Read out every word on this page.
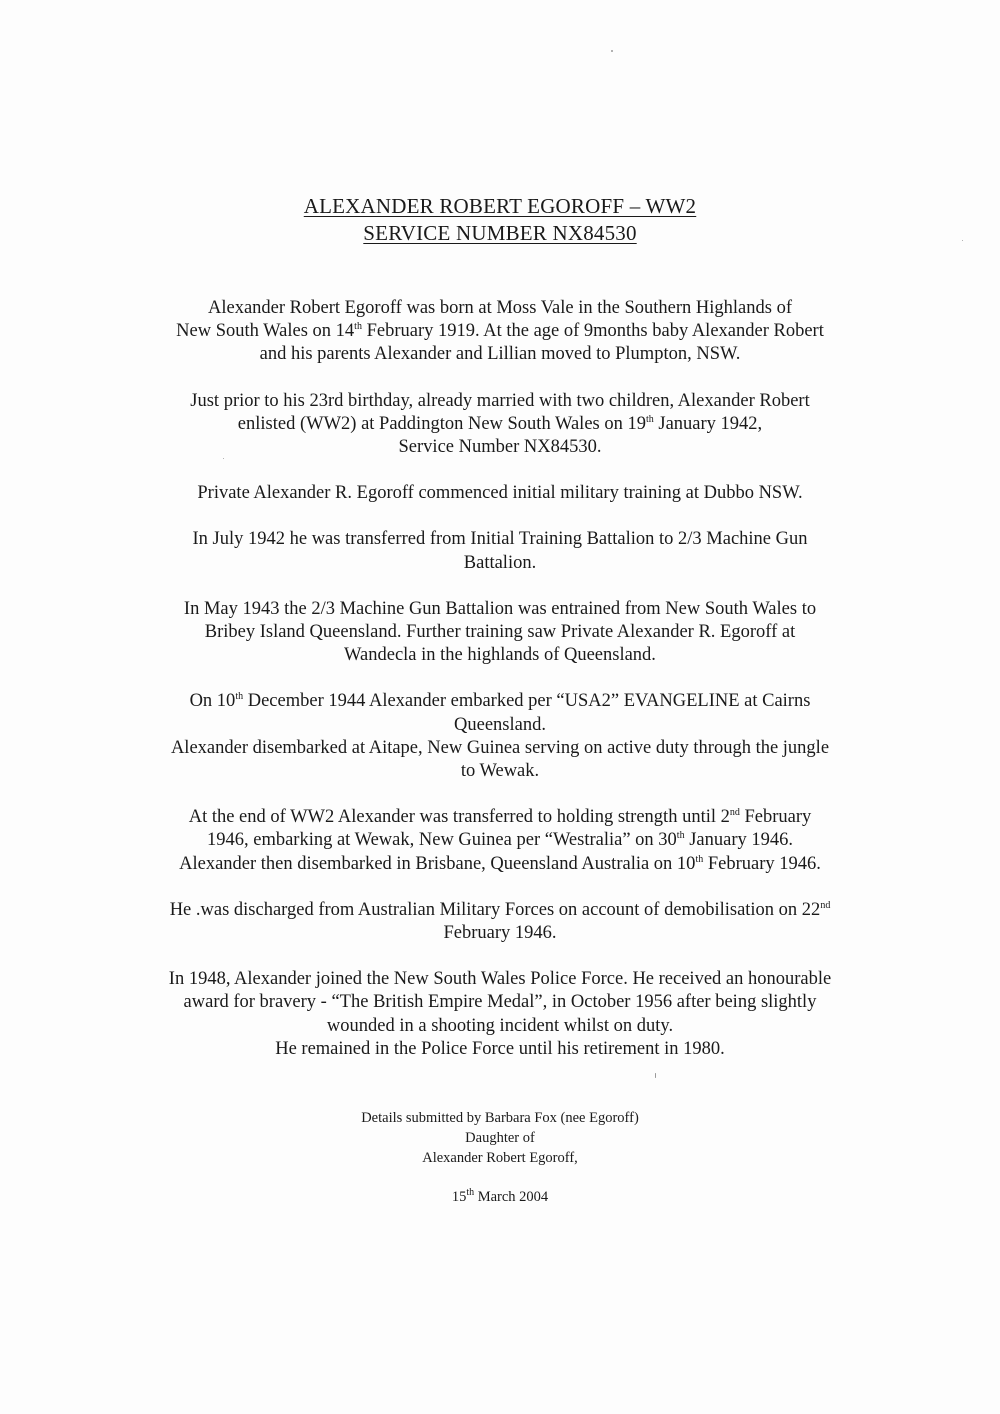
ALEXANDER ROBERT EGOROFF – WW2
SERVICE NUMBER NX84530
Alexander Robert Egoroff was born at Moss Vale in the Southern Highlands of
New South Wales on 14th February 1919. At the age of 9months baby Alexander Robert
and his parents Alexander and Lillian moved to Plumpton, NSW.
Just prior to his 23rd birthday, already married with two children, Alexander Robert
enlisted (WW2) at Paddington New South Wales on 19th January 1942,
Service Number NX84530.
Private Alexander R. Egoroff commenced initial military training at Dubbo NSW.
In July 1942 he was transferred from Initial Training Battalion to 2/3 Machine Gun
Battalion.
In May 1943 the 2/3 Machine Gun Battalion was entrained from New South Wales to
Bribey Island Queensland. Further training saw Private Alexander R. Egoroff at
Wandecla in the highlands of Queensland.
On 10th December 1944 Alexander embarked per “USA2” EVANGELINE at Cairns
Queensland.
Alexander disembarked at Aitape, New Guinea serving on active duty through the jungle
to Wewak.
At the end of WW2 Alexander was transferred to holding strength until 2nd February
1946, embarking at Wewak, New Guinea per “Westralia” on 30th January 1946.
Alexander then disembarked in Brisbane, Queensland Australia on 10th February 1946.
He .was discharged from Australian Military Forces on account of demobilisation on 22nd
February 1946.
In 1948, Alexander joined the New South Wales Police Force. He received an honourable
award for bravery - “The British Empire Medal”, in October 1956 after being slightly
wounded in a shooting incident whilst on duty.
He remained in the Police Force until his retirement in 1980.
Details submitted by Barbara Fox (nee Egoroff)
Daughter of
Alexander Robert Egoroff,
15th March 2004
